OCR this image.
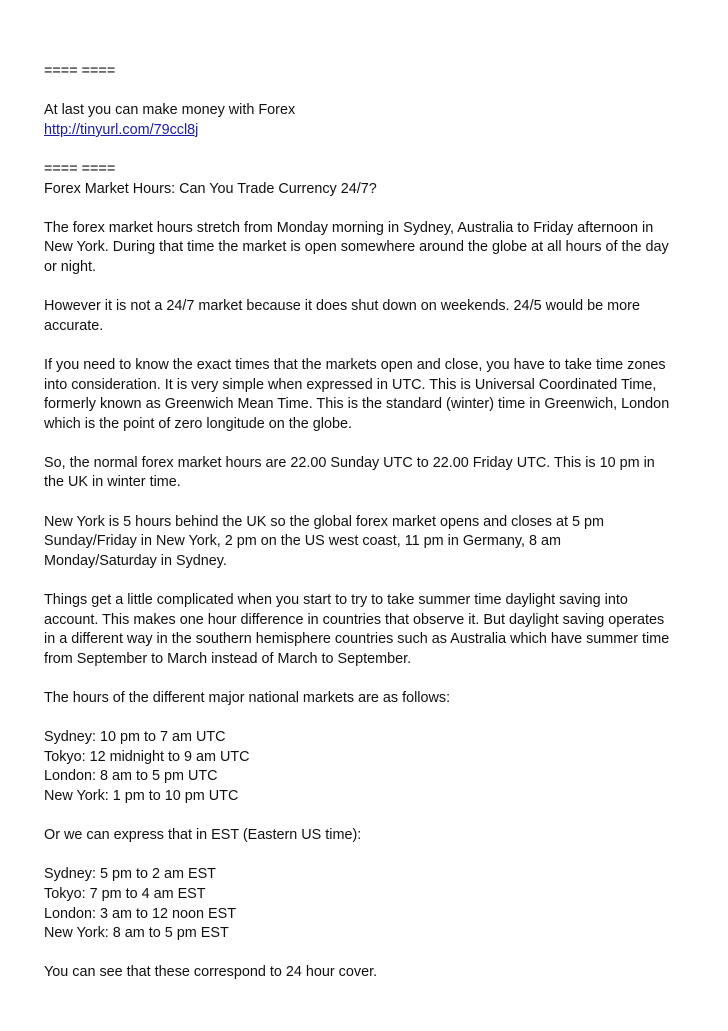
==== ====
At last you can make money with Forex
http://tinyurl.com/79ccl8j
==== ====
Forex Market Hours: Can You Trade Currency 24/7?
The forex market hours stretch from Monday morning in Sydney, Australia to Friday afternoon in
New York. During that time the market is open somewhere around the globe at all hours of the day
or night.
However it is not a 24/7 market because it does shut down on weekends. 24/5 would be more
accurate.
If you need to know the exact times that the markets open and close, you have to take time zones
into consideration. It is very simple when expressed in UTC. This is Universal Coordinated Time,
formerly known as Greenwich Mean Time. This is the standard (winter) time in Greenwich, London
which is the point of zero longitude on the globe.
So, the normal forex market hours are 22.00 Sunday UTC to 22.00 Friday UTC. This is 10 pm in
the UK in winter time.
New York is 5 hours behind the UK so the global forex market opens and closes at 5 pm
Sunday/Friday in New York, 2 pm on the US west coast, 11 pm in Germany, 8 am
Monday/Saturday in Sydney.
Things get a little complicated when you start to try to take summer time daylight saving into
account. This makes one hour difference in countries that observe it. But daylight saving operates
in a different way in the southern hemisphere countries such as Australia which have summer time
from September to March instead of March to September.
The hours of the different major national markets are as follows:
Sydney: 10 pm to 7 am UTC
Tokyo: 12 midnight to 9 am UTC
London: 8 am to 5 pm UTC
New York: 1 pm to 10 pm UTC
Or we can express that in EST (Eastern US time):
Sydney: 5 pm to 2 am EST
Tokyo: 7 pm to 4 am EST
London: 3 am to 12 noon EST
New York: 8 am to 5 pm EST
You can see that these correspond to 24 hour cover.
